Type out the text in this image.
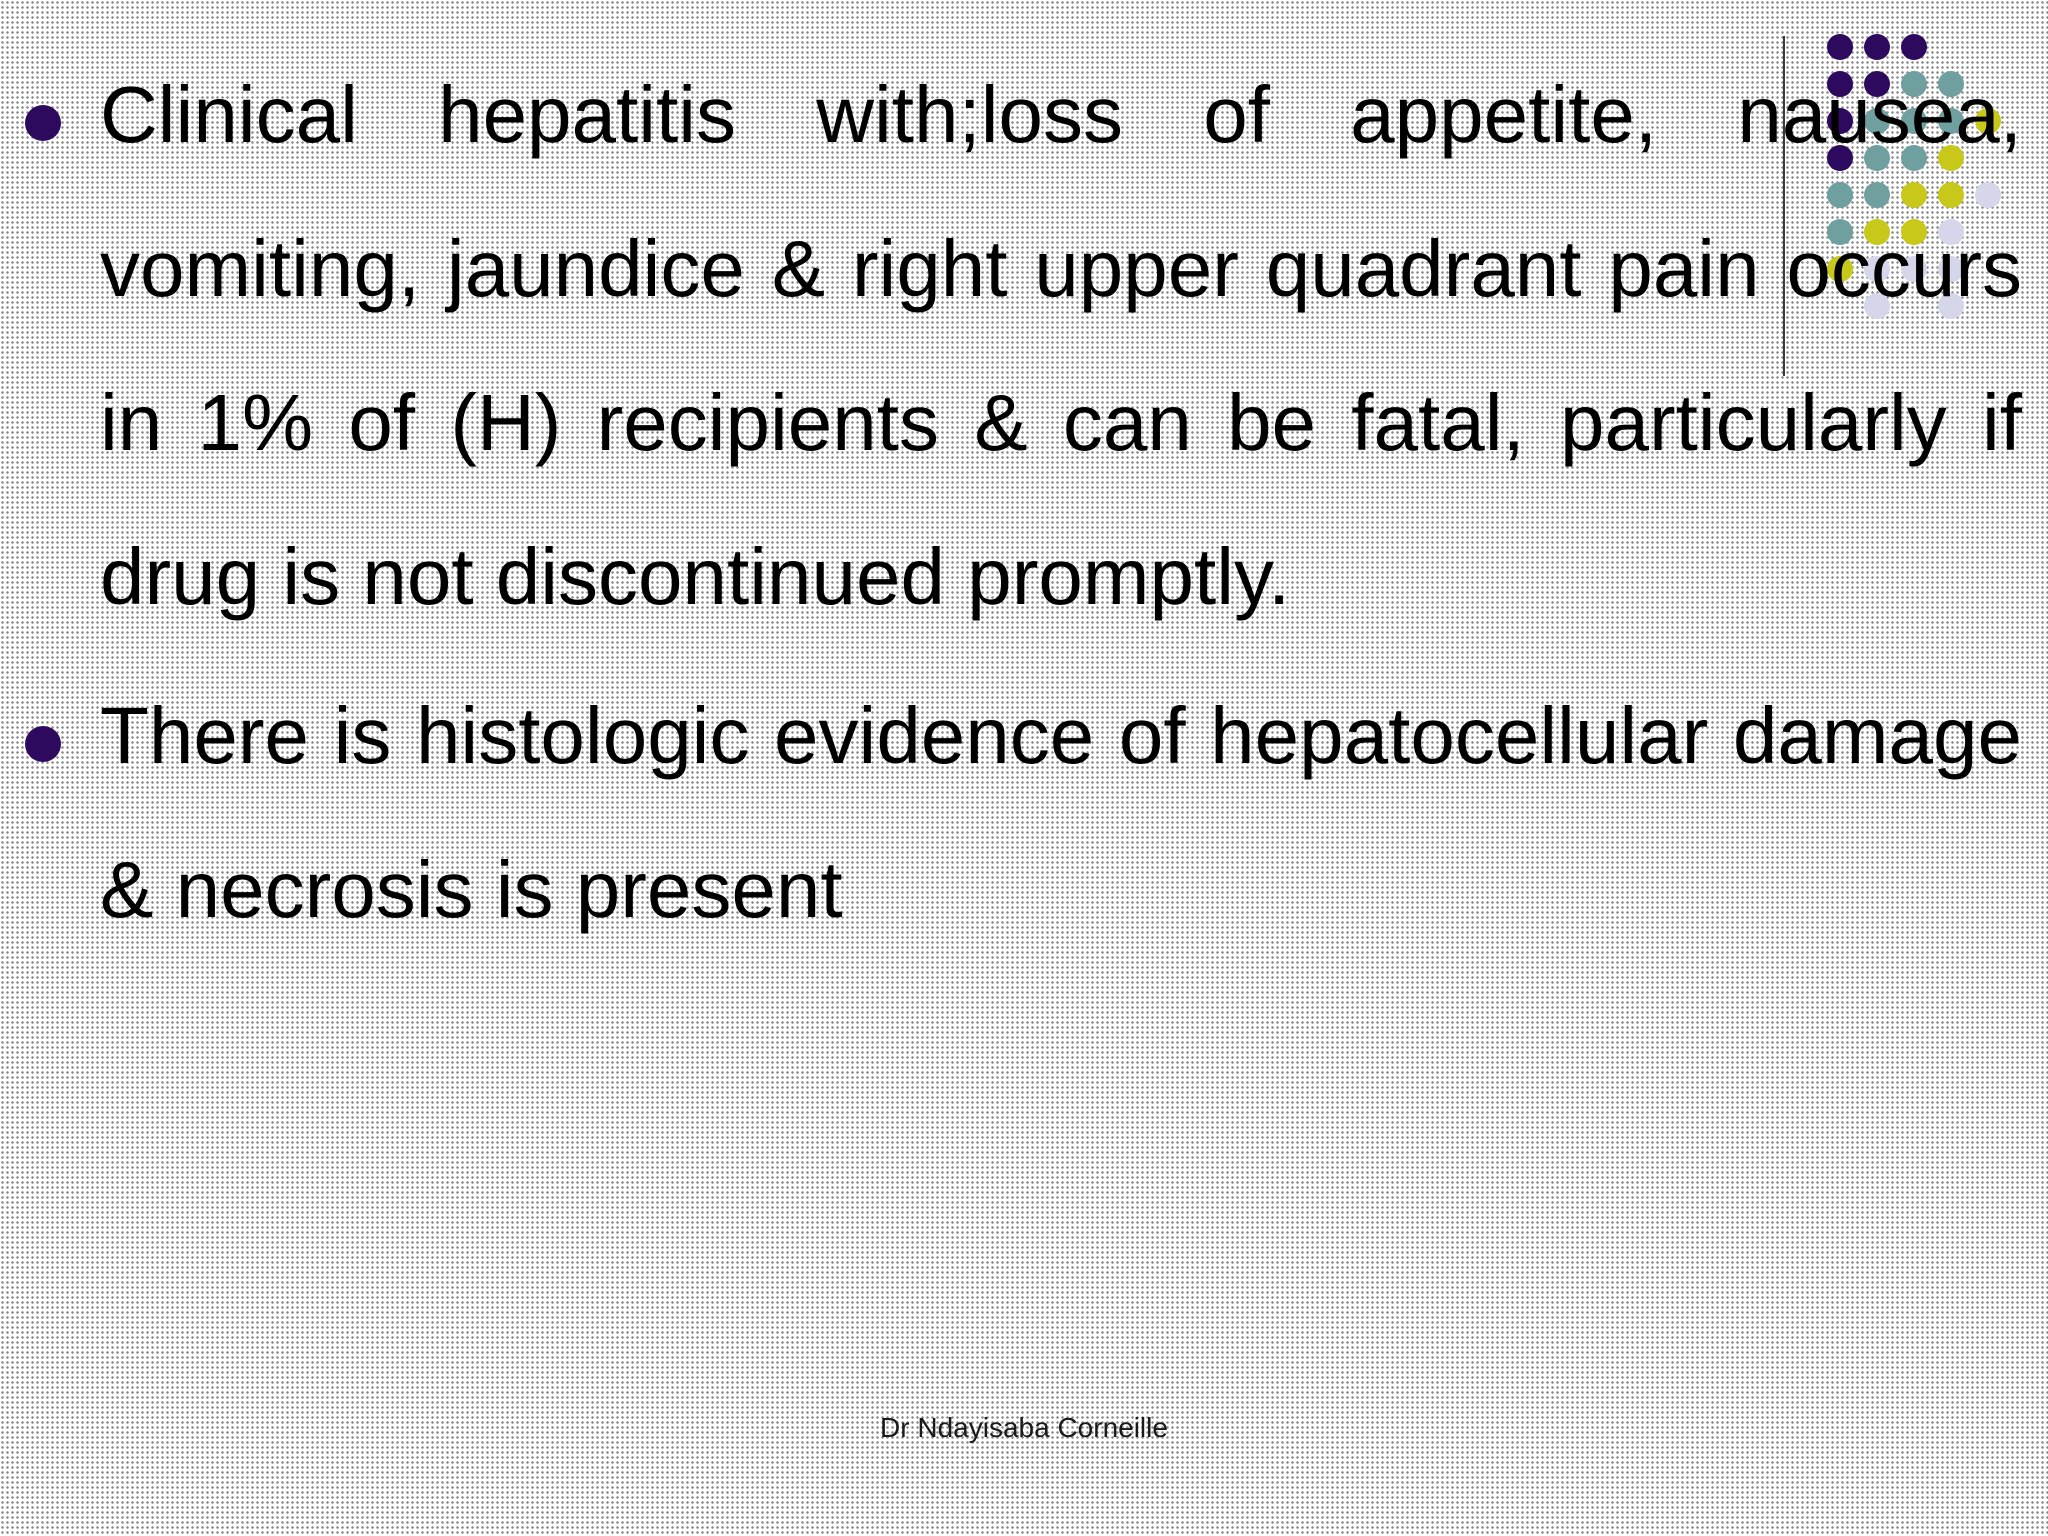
Clinical hepatitis with;loss of appetite, nausea, vomiting, jaundice & right upper quadrant pain occurs in 1% of (H) recipients & can be fatal, particularly if drug is not discontinued promptly.
There is histologic evidence of hepatocellular damage & necrosis is present
Dr Ndayisaba Corneille
